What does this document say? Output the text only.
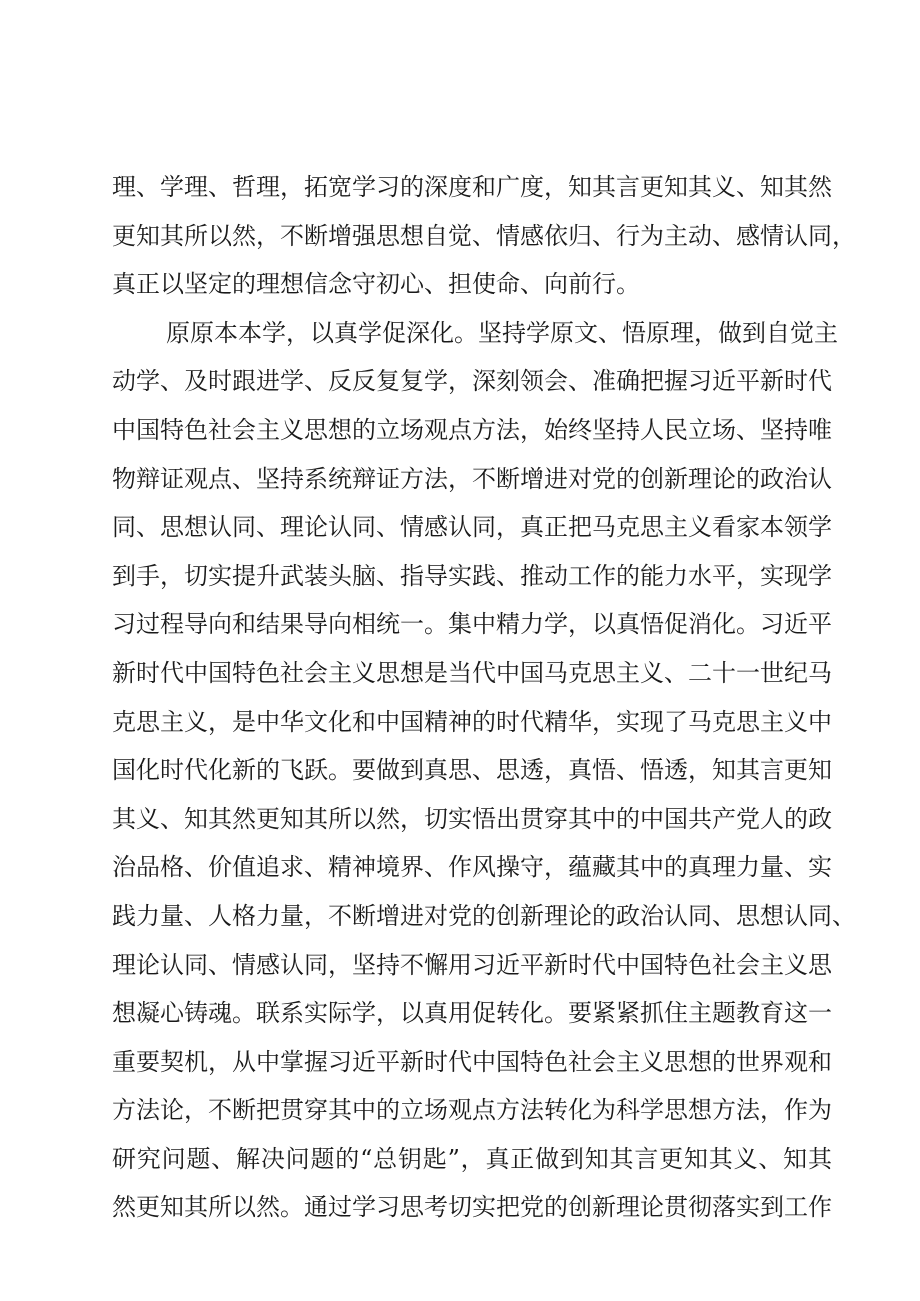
理、学理、哲理，拓宽学习的深度和广度，知其言更知其义、知其然
更知其所以然，不断增强思想自觉、情感依归、行为主动、感情认同，
真正以坚定的理想信念守初心、担使命、向前行。
原原本本学，以真学促深化。坚持学原文、悟原理，做到自觉主
动学、及时跟进学、反反复复学，深刻领会、准确把握习近平新时代
中国特色社会主义思想的立场观点方法，始终坚持人民立场、坚持唯
物辩证观点、坚持系统辩证方法，不断增进对党的创新理论的政治认
同、思想认同、理论认同、情感认同，真正把马克思主义看家本领学
到手，切实提升武装头脑、指导实践、推动工作的能力水平，实现学
习过程导向和结果导向相统一。集中精力学，以真悟促消化。习近平
新时代中国特色社会主义思想是当代中国马克思主义、二十一世纪马
克思主义，是中华文化和中国精神的时代精华，实现了马克思主义中
国化时代化新的飞跃。要做到真思、思透，真悟、悟透，知其言更知
其义、知其然更知其所以然，切实悟出贯穿其中的中国共产党人的政
治品格、价值追求、精神境界、作风操守，蕴藏其中的真理力量、实
践力量、人格力量，不断增进对党的创新理论的政治认同、思想认同、
理论认同、情感认同，坚持不懈用习近平新时代中国特色社会主义思
想凝心铸魂。联系实际学，以真用促转化。要紧紧抓住主题教育这一
重要契机，从中掌握习近平新时代中国特色社会主义思想的世界观和
方法论，不断把贯穿其中的立场观点方法转化为科学思想方法，作为
研究问题、解决问题的“总钥匙”，真正做到知其言更知其义、知其
然更知其所以然。通过学习思考切实把党的创新理论贯彻落实到工作
